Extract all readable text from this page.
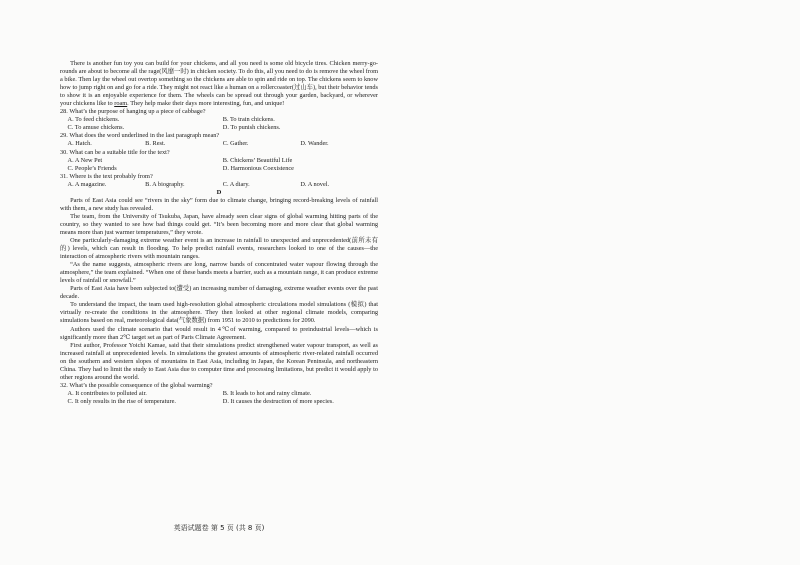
There is another fun toy you can build for your chickens, and all you need is some old bicycle tires. Chicken merry-go-rounds are about to become all the rage(风靡一时) in chicken society. To do this, all you need to do is remove the wheel from a bike. Then lay the wheel out overtop something so the chickens are able to spin and ride on top. The chickens seem to know how to jump right on and go for a ride. They might not react like a human on a rollercoaster(过山车), but their behavior tends to show it is an enjoyable experience for them. The wheels can be spread out through your garden, backyard, or wherever your chickens like to roam. They help make their days more interesting, fun, and unique!

28. What’s the purpose of hanging up a piece of cabbage?

A. To feed chickens.	B. To train chickens.
C. To amuse chickens.	D. To punish chickens.

29. What does the word underlined in the last paragraph mean?

A. Hatch.	B. Rest.	C. Gather.	D. Wander.

30. What can be a suitable title for the text?

A. A New Pet	B. Chickens’ Beautiful Life
C. People’s Friends	D. Harmonious Coexistence

31. Where is the text probably from?

A. A magazine.	B. A biography.	C. A diary.	D. A novel.

D

Parts of East Asia could see “rivers in the sky” form due to climate change, bringing record-breaking levels of rainfall with them, a new study has revealed.

The team, from the University of Tsukuba, Japan, have already seen clear signs of global warming hitting parts of the country, so they wanted to see how bad things could get. “It’s been becoming more and more clear that global warming means more than just warmer temperatures,” they wrote.

One particularly-damaging extreme weather event is an increase in rainfall to unexpected and unprecedented(前所未有的) levels, which can result in flooding. To help predict rainfall events, researchers looked to one of the causes—the interaction of atmospheric rivers with mountain ranges.

“As the name suggests, atmospheric rivers are long, narrow bands of concentrated water vapour flowing through the atmosphere,” the team explained. “When one of these bands meets a barrier, such as a mountain range, it can produce extreme levels of rainfall or snowfall.”

Parts of East Asia have been subjected to(遭受) an increasing number of damaging, extreme weather events over the past decade.

To understand the impact, the team used high-resolution global atmospheric circulations model simulations (模拟) that virtually re-create the conditions in the atmosphere. They then looked at other regional climate models, comparing simulations based on real, meteorological data(气象数据) from 1951 to 2010 to predictions for 2090.

Authors used the climate scenario that would result in 4℃of warming, compared to preindustrial levels—which is significantly more than 2℃ target set as part of Paris Climate Agreement.

First author, Professor Yoichi Kamae, said that their simulations predict strengthened water vapour transport, as well as increased rainfall at unprecedented levels. In simulations the greatest amounts of atmospheric river-related rainfall occurred on the southern and western slopes of mountains in East Asia, including in Japan, the Korean Peninsula, and northeastern China. They had to limit the study to East Asia due to computer time and processing limitations, but predict it would apply to other regions around the world.

32. What’s the possible consequence of the global warming?

A. It contributes to polluted air.	B. It leads to hot and rainy climate.
C. It only results in the rise of temperature.	D. It causes the destruction of more species.
英语试题卷 第 5 页 (共 8 页)
